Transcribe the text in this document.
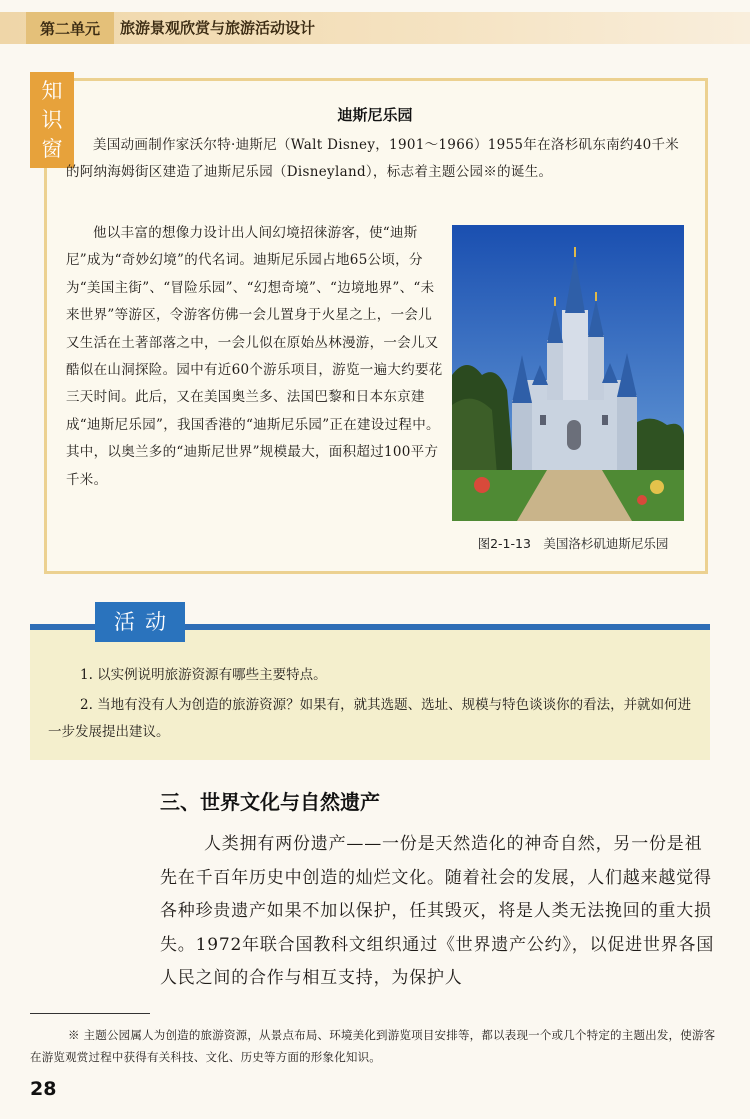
第二单元	旅游景观欣赏与旅游活动设计
知
识
窗
迪斯尼乐园

美国动画制作家沃尔特·迪斯尼（Walt Disney，1901～1966）1955年在洛杉矶东南约40千米的阿纳海姆街区建造了迪斯尼乐园（Disneyland），标志着主题公园※的诞生。

他以丰富的想像力设计出人间幻境招徕游客，使“迪斯尼”成为“奇妙幻境”的代名词。迪斯尼乐园占地65公顷，分为“美国主街”、“冒险乐园”、“幻想奇境”、“边境地界”、“未来世界”等游区，令游客仿佛一会儿置身于火星之上，一会儿又生活在土著部落之中，一会儿似在原始丛林漫游，一会儿又酷似在山洞探险。园中有近60个游乐项目，游览一遍大约要花三天时间。此后，又在美国奥兰多、法国巴黎和日本东京建成“迪斯尼乐园”，我国香港的“迪斯尼乐园”正在建设过程中。其中，以奥兰多的“迪斯尼世界”规模最大，面积超过100平方千米。

图2-1-13　美国洛杉矶迪斯尼乐园
活动
1. 以实例说明旅游资源有哪些主要特点。
2. 当地有没有人为创造的旅游资源？如果有，就其选题、选址、规模与特色谈谈你的看法，并就如何进一步发展提出建议。
三、世界文化与自然遗产

人类拥有两份遗产——一份是天然造化的神奇自然，另一份是祖先在千百年历史中创造的灿烂文化。随着社会的发展，人们越来越觉得各种珍贵遗产如果不加以保护，任其毁灭，将是人类无法挽回的重大损失。1972年联合国教科文组织通过《世界遗产公约》，以促进世界各国人民之间的合作与相互支持，为保护人

※ 主题公园属人为创造的旅游资源，从景点布局、环境美化到游览项目安排等，都以表现一个或几个特定的主题出发，使游客在游览观赏过程中获得有关科技、文化、历史等方面的形象化知识。

28
